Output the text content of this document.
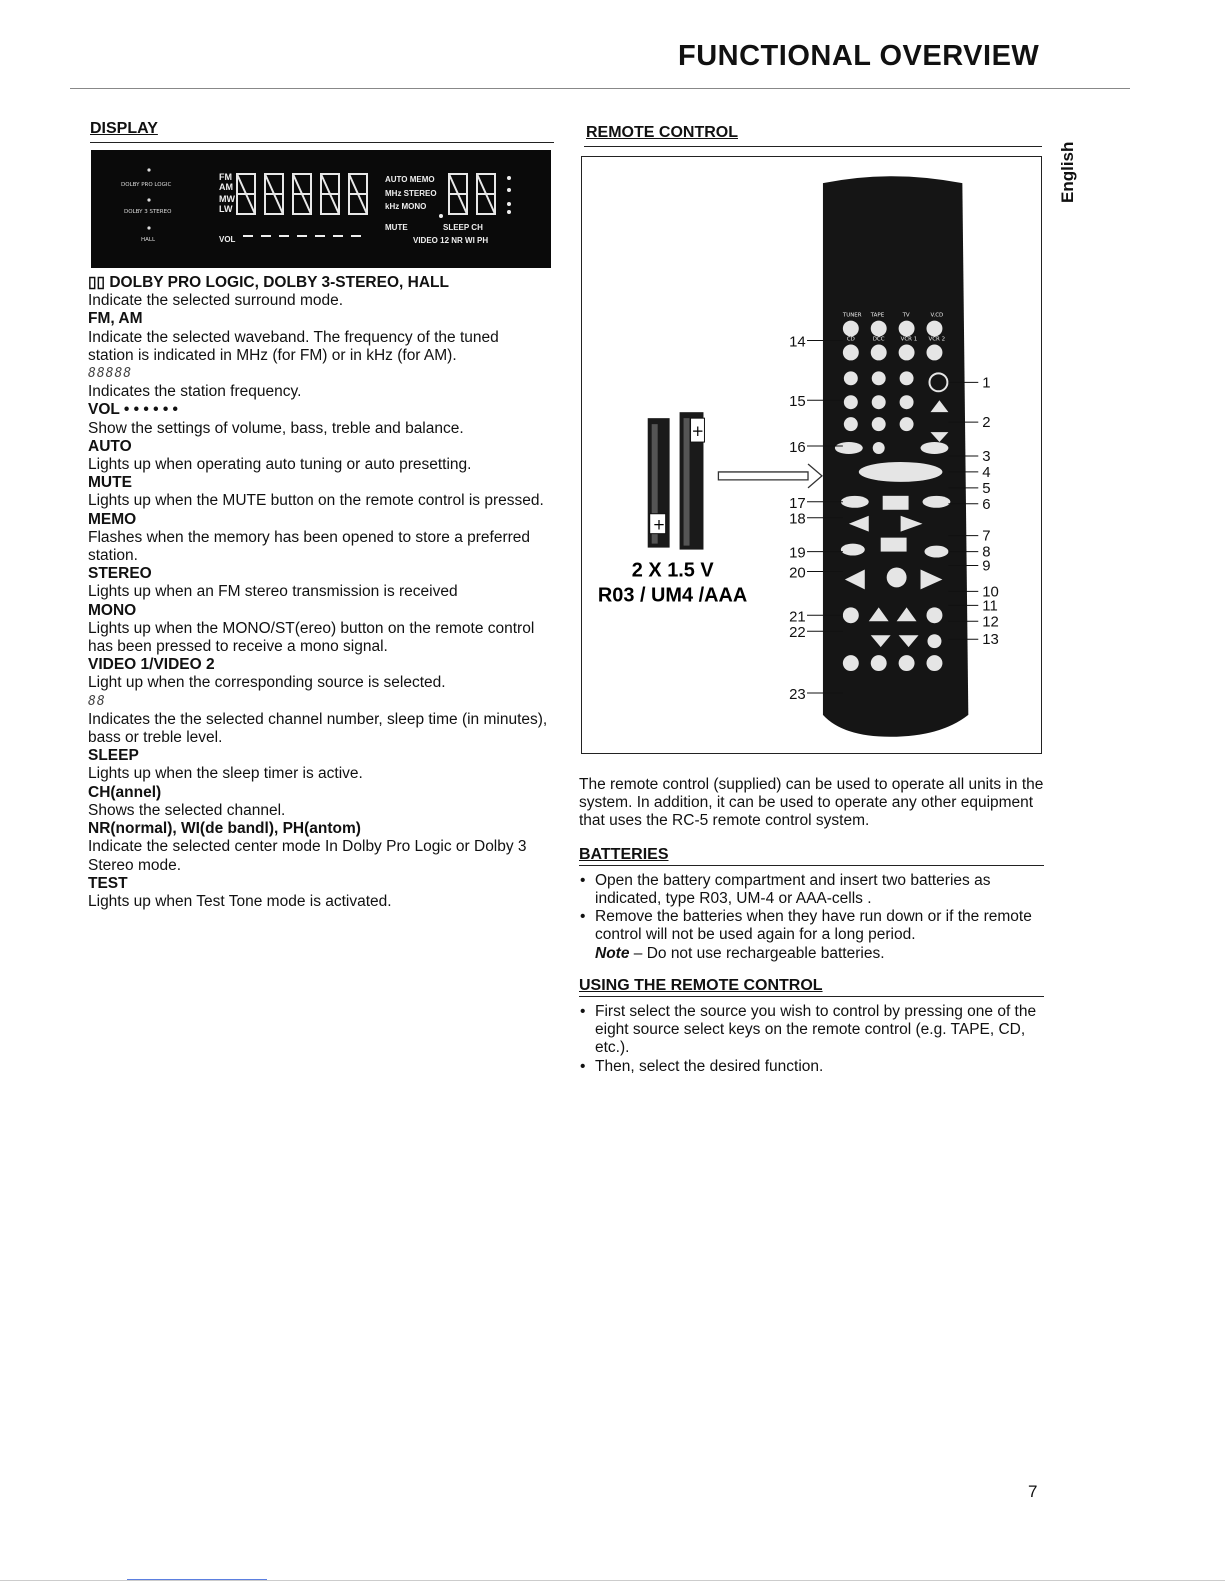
FUNCTIONAL OVERVIEW
English
DISPLAY
DOLBY PRO LOGIC
DOLBY 3 STEREO
HALL
FM
AM
MW
LW
AUTO MEMO
MHz STEREO
kHz MONO
VOL
MUTE	SLEEP CH
VIDEO 12 NR WI PH

▯▯ DOLBY PRO LOGIC, DOLBY 3-STEREO, HALL

Indicate the selected surround mode.

FM, AM

Indicate the selected waveband. The frequency of the tuned station is indicated in MHz (for FM) or in kHz (for AM).

88888

Indicates the station frequency.

VOL • • • • • •

Show the settings of volume, bass, treble and balance.

AUTO

Lights up when operating auto tuning or auto presetting.

MUTE

Lights up when the MUTE button on the remote control is pressed.

MEMO

Flashes when the memory has been opened to store a preferred station.

STEREO

Lights up when an FM stereo transmission is received

MONO

Lights up when the MONO/ST(ereo) button on the remote control has been pressed to receive a mono signal.

VIDEO 1/VIDEO 2

Light up when the corresponding source is selected.

88

Indicates the the selected channel number, sleep time (in minutes), bass or treble level.

SLEEP

Lights up when the sleep timer is active.

CH(annel)

Shows the selected channel.

NR(normal), WI(de bandl), PH(antom)

Indicate the selected center mode In Dolby Pro Logic or Dolby 3 Stereo mode.

TEST

Lights up when Test Tone mode is activated.

REMOTE CONTROL
+
+
2 X 1.5 V
R03 / UM4 /AAA
TUNER TAPE	TV	V.CD
CD	DCC	VCR 1 VCR 2
14
15
16
17
18
19
20
21
22
23
1
2
3
4
5
6
7
8
9
10
11
12
13

The remote control (supplied) can be used to operate all units in the system. In addition, it can be used to operate any other equipment that uses the RC-5 remote control system.

BATTERIES
• Open the battery compartment and insert two batteries as indicated, type R03, UM-4 or AAA-cells .
• Remove the batteries when they have run down or if the remote control will not be used again for a long period.

Note – Do not use rechargeable batteries.

USING THE REMOTE CONTROL
• First select the source you wish to control by pressing one of the eight source select keys on the remote control (e.g. TAPE, CD, etc.).
• Then, select the desired function.
7
